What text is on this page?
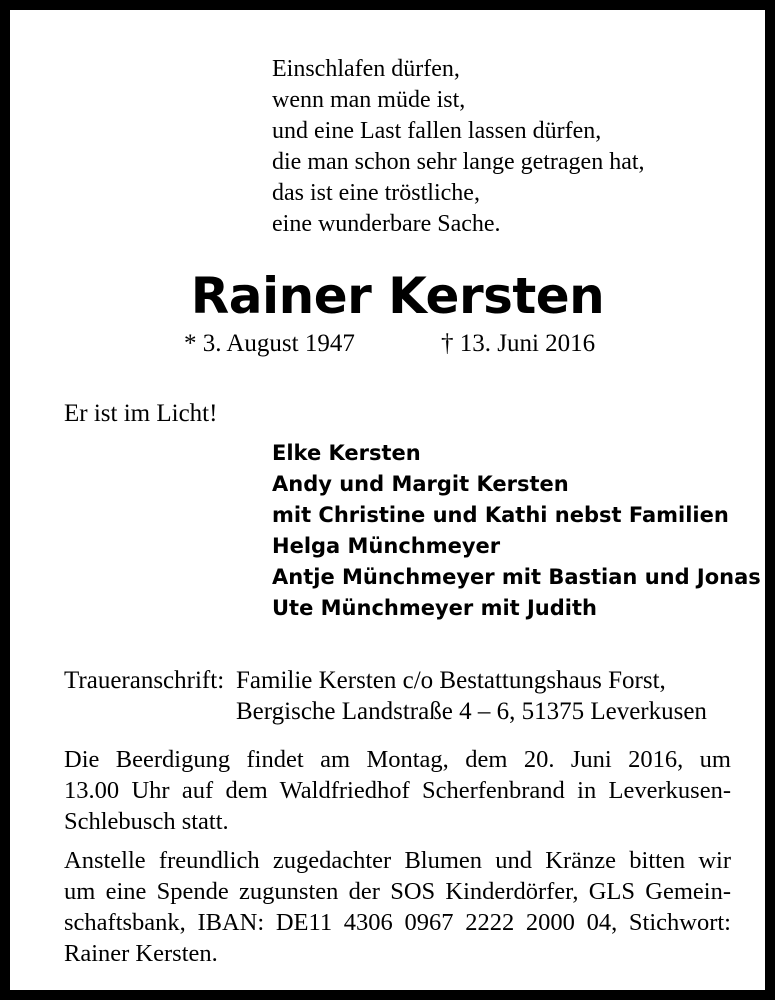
Einschlafen dürfen,
wenn man müde ist,
und eine Last fallen lassen dürfen,
die man schon sehr lange getragen hat,
das ist eine tröstliche,
eine wunderbare Sache.
Rainer Kersten
* 3. August 1947	† 13. Juni 2016
Er ist im Licht!
Elke Kersten
Andy und Margit Kersten
mit Christine und Kathi nebst Familien
Helga Münchmeyer
Antje Münchmeyer mit Bastian und Jonas
Ute Münchmeyer mit Judith
Traueranschrift: Familie Kersten c/o Bestattungshaus Forst,
Bergische Landstraße 4 – 6, 51375 Leverkusen
Die Beerdigung findet am Montag, dem 20. Juni 2016, um
13.00 Uhr auf dem Waldfriedhof Scherfenbrand in Leverkusen-
Schlebusch statt.
Anstelle freundlich zugedachter Blumen und Kränze bitten wir
um eine Spende zugunsten der SOS Kinderdörfer, GLS Gemein-
schaftsbank, IBAN: DE11 4306 0967 2222 2000 04, Stichwort:
Rainer Kersten.
